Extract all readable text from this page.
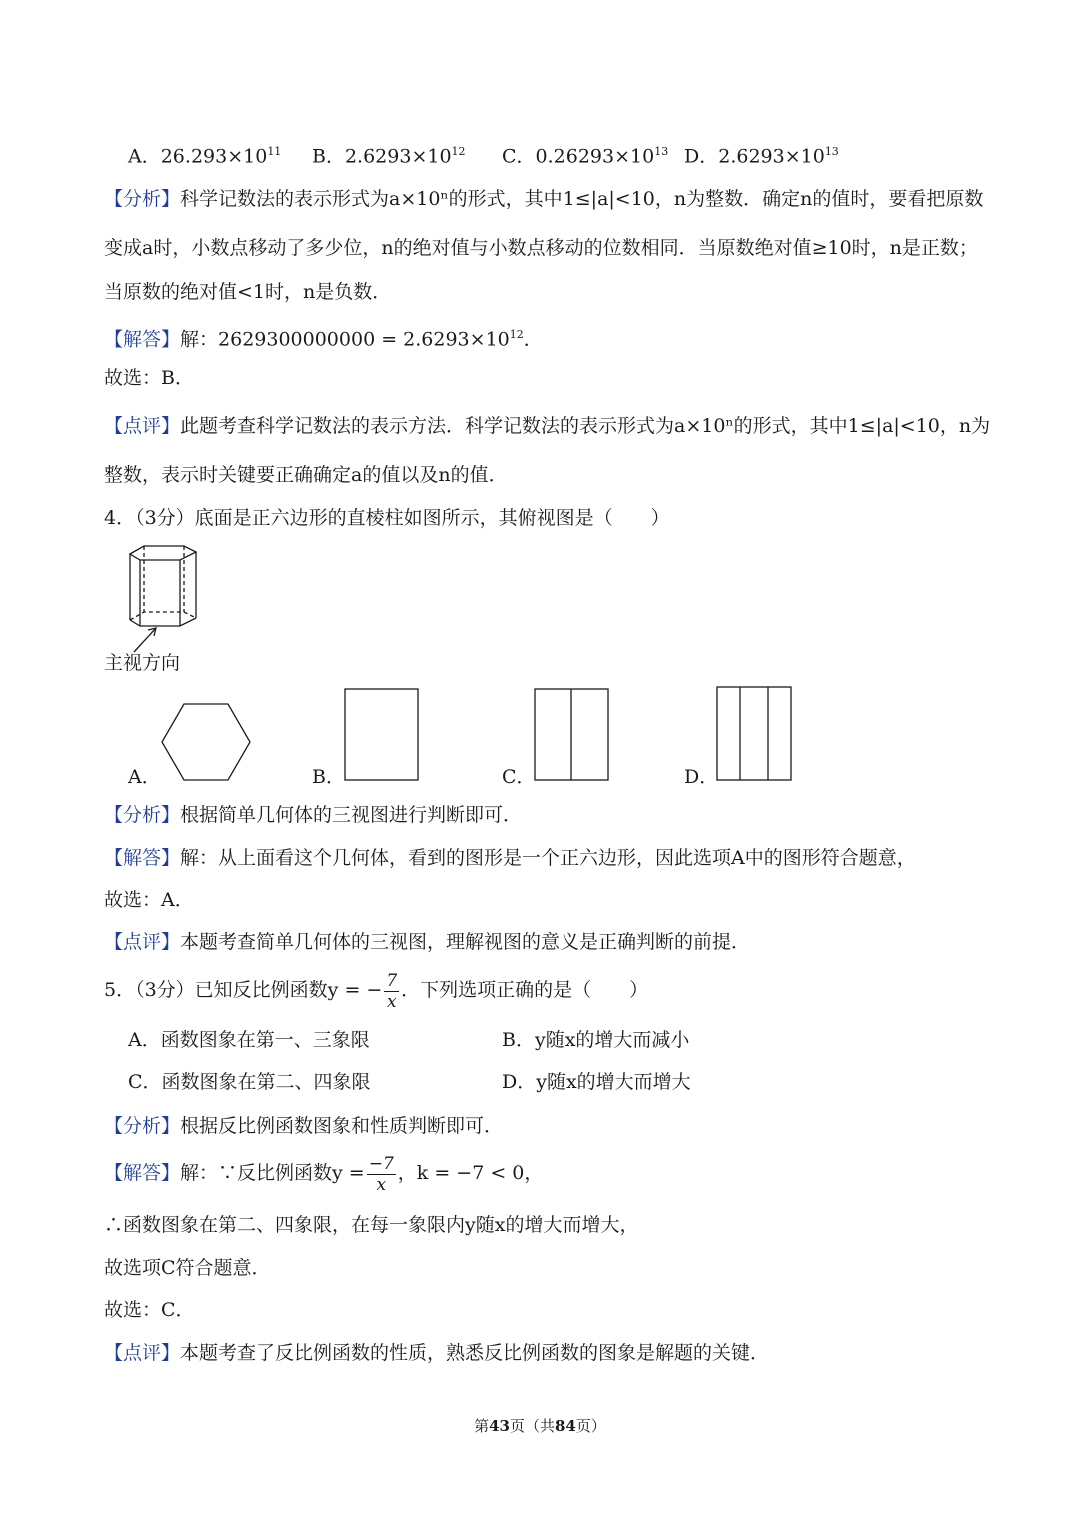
A．$26.293\times 10^{11}$ B．$2.6293\times 10^{12}$ C．$0.26293\times 10^{13}$ D．$2.6293\times 10^{13}$
【分析】科学记数法的表示形式为a×10ⁿ的形式，其中1≤|a|<10，n为整数．确定n的值时，要看把原数
变成a时，小数点移动了多少位，n的绝对值与小数点移动的位数相同．当原数绝对值≥10时，n是正数；
当原数的绝对值<1时，n是负数．
【解答】解：$2629300000000 = 2.6293\times 10^{12}$．
故选：B．
【点评】此题考查科学记数法的表示方法．科学记数法的表示形式为a×10ⁿ的形式，其中1≤|a|<10，n为
整数，表示时关键要正确确定a的值以及n的值．
4．（3分）底面是正六边形的直棱柱如图所示，其俯视图是（　　）
主视方向
A．	B．	C．	D．
【分析】根据简单几何体的三视图进行判断即可．
【解答】解：从上面看这个几何体，看到的图形是一个正六边形，因此选项A中的图形符合题意，
故选：A．
【点评】本题考查简单几何体的三视图，理解视图的意义是正确判断的前提．
5．（3分）已知反比例函数y = − $\frac{7}{x}$ ．下列选项正确的是（　　）
A．函数图象在第一、三象限	B．y随x的增大而减小
C．函数图象在第二、四象限	D．y随x的增大而增大
【分析】根据反比例函数图象和性质判断即可．
【解答】解：∵反比例函数$y = \frac{-7}{x}$ ，k = −7 < 0，
∴函数图象在第二、四象限，在每一象限内y随x的增大而增大，
故选项C符合题意．
故选：C．
【点评】本题考查了反比例函数的性质，熟悉反比例函数的图象是解题的关键．
第43页（共84页）
